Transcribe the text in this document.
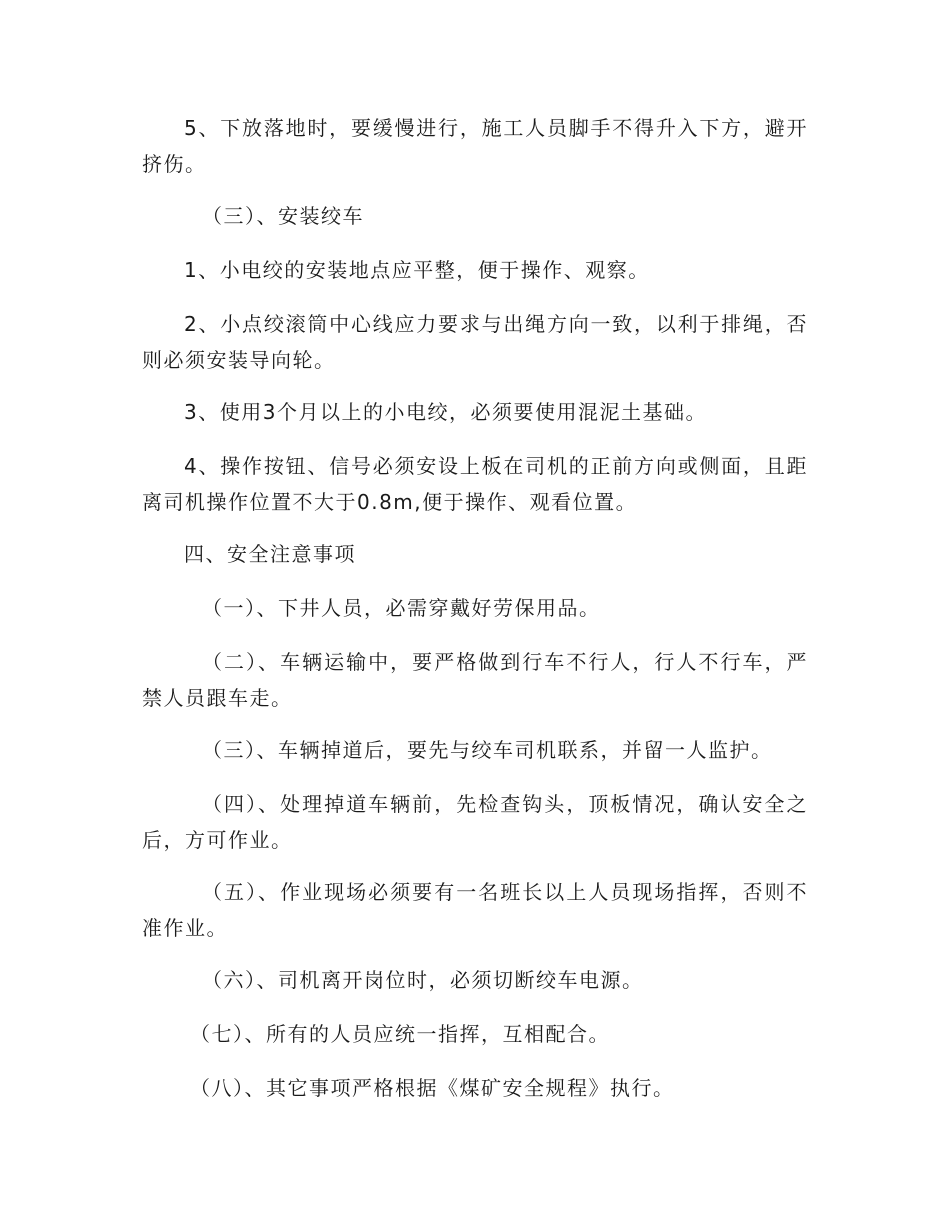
5、下放落地时，要缓慢进行，施工人员脚手不得升入下方，避开挤伤。

（三）、安装绞车

1、小电绞的安装地点应平整，便于操作、观察。

2、小点绞滚筒中心线应力要求与出绳方向一致，以利于排绳，否则必须安装导向轮。

3、使用3个月以上的小电绞，必须要使用混泥土基础。

4、操作按钮、信号必须安设上板在司机的正前方向或侧面，且距离司机操作位置不大于0.8m,便于操作、观看位置。

四、安全注意事项

（一）、下井人员，必需穿戴好劳保用品。

（二）、车辆运输中，要严格做到行车不行人，行人不行车，严禁人员跟车走。

（三）、车辆掉道后，要先与绞车司机联系，并留一人监护。

（四）、处理掉道车辆前，先检查钩头，顶板情况，确认安全之后，方可作业。

（五）、作业现场必须要有一名班长以上人员现场指挥，否则不准作业。

（六）、司机离开岗位时，必须切断绞车电源。

（七）、所有的人员应统一指挥，互相配合。

（八）、其它事项严格根据《煤矿安全规程》执行。
